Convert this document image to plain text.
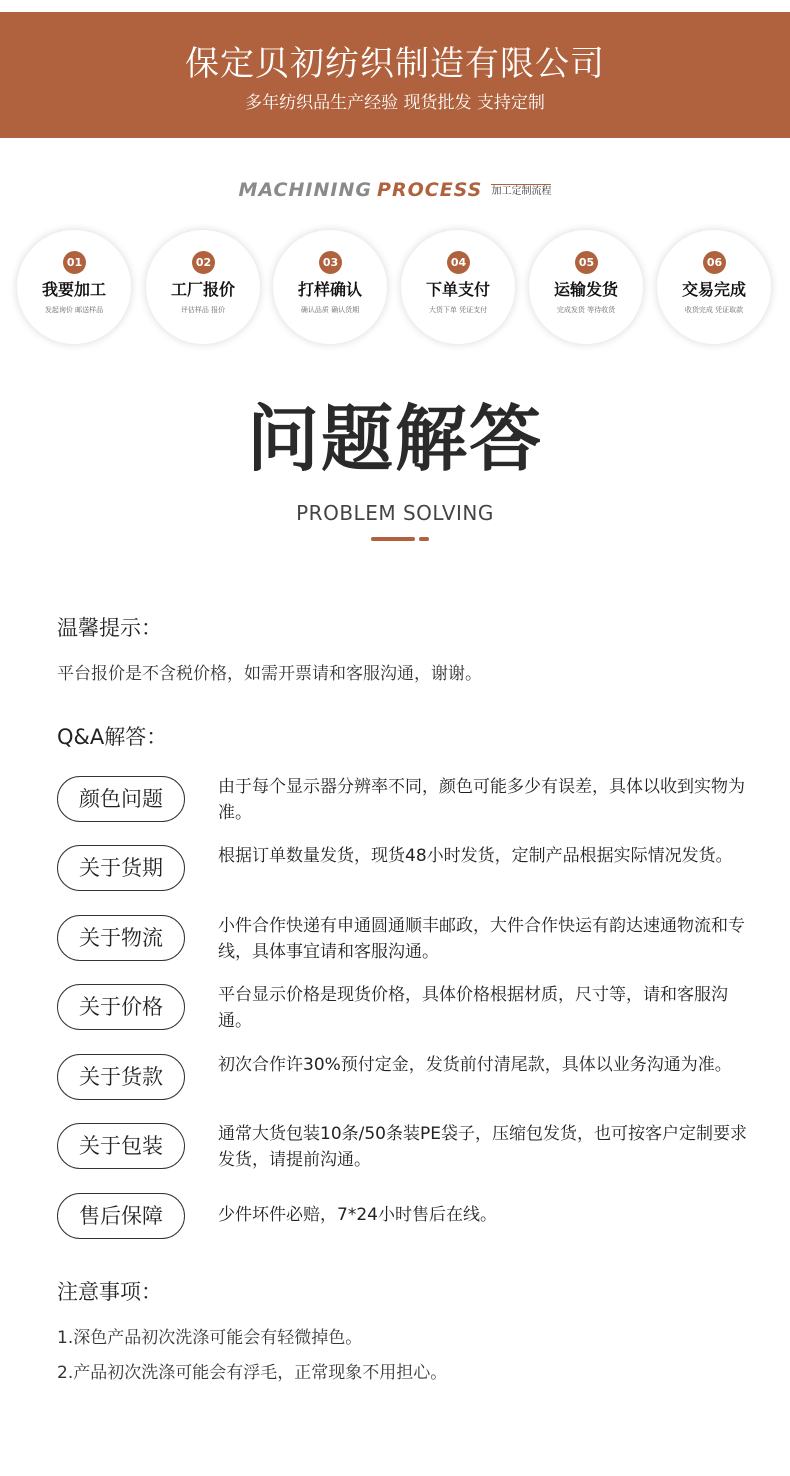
保定贝初纺织制造有限公司
多年纺织品生产经验 现货批发 支持定制
MACHINING PROCESS 加工定制流程
01
我要加工
发起询价 邮送样品
02
工厂报价
评估样品 报价
03
打样确认
确认品质 确认货期
04
下单支付
大货下单 凭证支付
05
运输发货
完成发货 等待收货
06
交易完成
收货完成 凭证取款
问题解答
PROBLEM SOLVING
温馨提示：
平台报价是不含税价格，如需开票请和客服沟通，谢谢。
Q&A解答：
颜色问题	由于每个显示器分辨率不同，颜色可能多少有误差，具体以收到实物为准。
关于货期	根据订单数量发货，现货48小时发货，定制产品根据实际情况发货。
关于物流	小件合作快递有申通圆通顺丰邮政，大件合作快运有韵达速通物流和专线，具体事宜请和客服沟通。
关于价格	平台显示价格是现货价格，具体价格根据材质，尺寸等，请和客服沟通。
关于货款	初次合作许30%预付定金，发货前付清尾款，具体以业务沟通为准。
关于包装	通常大货包装10条/50条装PE袋子，压缩包发货，也可按客户定制要求发货，请提前沟通。
售后保障	少件坏件必赔，7*24小时售后在线。
注意事项：
1.深色产品初次洗涤可能会有轻微掉色。
2.产品初次洗涤可能会有浮毛，正常现象不用担心。
